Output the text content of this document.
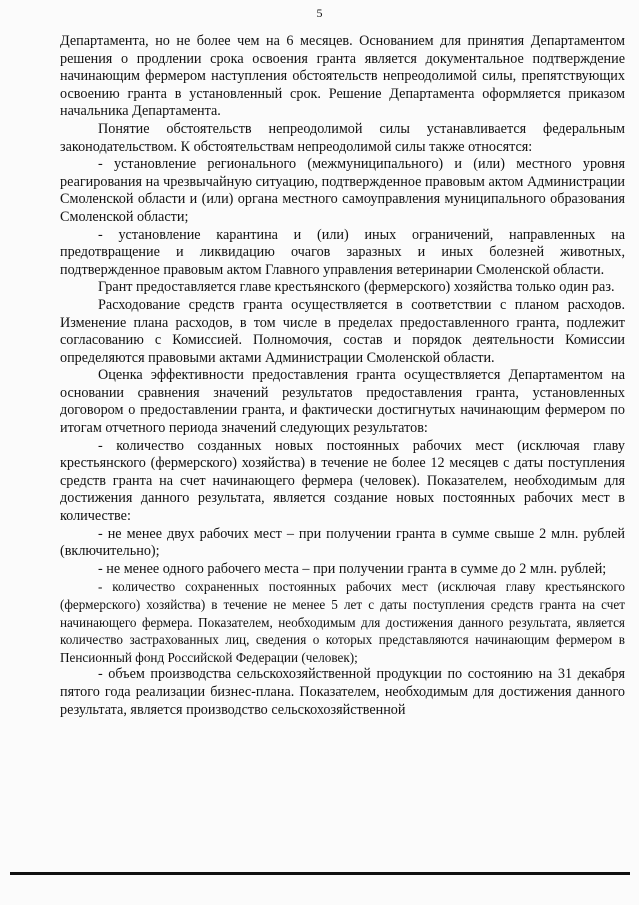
5

Департамента, но не более чем на 6 месяцев. Основанием для принятия Департаментом решения о продлении срока освоения гранта является документальное подтверждение начинающим фермером наступления обстоятельств непреодолимой силы, препятствующих освоению гранта в установленный срок. Решение Департамента оформляется приказом начальника Департамента.

Понятие обстоятельств непреодолимой силы устанавливается федеральным законодательством. К обстоятельствам непреодолимой силы также относятся:

- установление регионального (межмуниципального) и (или) местного уровня реагирования на чрезвычайную ситуацию, подтвержденное правовым актом Администрации Смоленской области и (или) органа местного самоуправления муниципального образования Смоленской области;

- установление карантина и (или) иных ограничений, направленных на предотвращение и ликвидацию очагов заразных и иных болезней животных, подтвержденное правовым актом Главного управления ветеринарии Смоленской области.

Грант предоставляется главе крестьянского (фермерского) хозяйства только один раз.

Расходование средств гранта осуществляется в соответствии с планом расходов. Изменение плана расходов, в том числе в пределах предоставленного гранта, подлежит согласованию с Комиссией. Полномочия, состав и порядок деятельности Комиссии определяются правовыми актами Администрации Смоленской области.

Оценка эффективности предоставления гранта осуществляется Департаментом на основании сравнения значений результатов предоставления гранта, установленных договором о предоставлении гранта, и фактически достигнутых начинающим фермером по итогам отчетного периода значений следующих результатов:

- количество созданных новых постоянных рабочих мест (исключая главу крестьянского (фермерского) хозяйства) в течение не более 12 месяцев с даты поступления средств гранта на счет начинающего фермера (человек). Показателем, необходимым для достижения данного результата, является создание новых постоянных рабочих мест в количестве:

- не менее двух рабочих мест – при получении гранта в сумме свыше 2 млн. рублей (включительно);

- не менее одного рабочего места – при получении гранта в сумме до 2 млн. рублей;

- количество сохраненных постоянных рабочих мест (исключая главу крестьянского (фермерского) хозяйства) в течение не менее 5 лет с даты поступления средств гранта на счет начинающего фермера. Показателем, необходимым для достижения данного результата, является количество застрахованных лиц, сведения о которых представляются начинающим фермером в Пенсионный фонд Российской Федерации (человек);

- объем производства сельскохозяйственной продукции по состоянию на 31 декабря пятого года реализации бизнес-плана. Показателем, необходимым для достижения данного результата, является производство сельскохозяйственной
